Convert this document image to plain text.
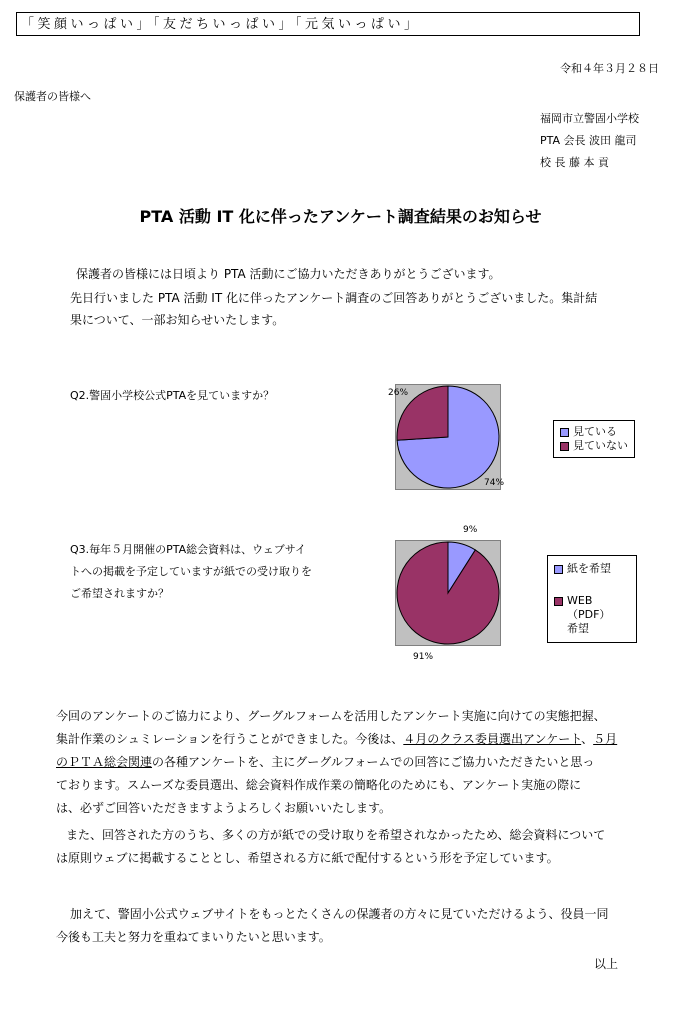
「笑顔いっぱい」「友だちいっぱい」「元気いっぱい」
令和４年３月２８日
保護者の皆様へ
福岡市立警固小学校
PTA 会長 波田 龍司
校 長 藤 本 貢
PTA 活動 IT 化に伴ったアンケート調査結果のお知らせ
保護者の皆様には日頃より PTA 活動にご協力いただきありがとうございます。
先日行いました PTA 活動 IT 化に伴ったアンケート調査のご回答ありがとうございました。集計結
果について、一部お知らせいたします。
Q2.警固小学校公式PTAを見ていますか？	26%
74%
見ている
見ていない
Q3.毎年５月開催のPTA総会資料は、ウェブサイ
トへの掲載を予定していますが紙での受け取りを
ご希望されますか？
9%
91%
紙を希望
WEB（PDF）
希望
今回のアンケートのご協力により、グーグルフォームを活用したアンケート実施に向けての実態把握、
集計作業のシュミレーションを行うことができました。今後は、４月のクラス委員選出アンケート、５月
のＰＴＡ総会関連の各種アンケートを、主にグーグルフォームでの回答にご協力いただきたいと思っ
ております。スムーズな委員選出、総会資料作成作業の簡略化のためにも、アンケート実施の際に
は、必ずご回答いただきますようよろしくお願いいたします。
また、回答された方のうち、多くの方が紙での受け取りを希望されなかったため、総会資料について
は原則ウェブに掲載することとし、希望される方に紙で配付するという形を予定しています。
加えて、警固小公式ウェブサイトをもっとたくさんの保護者の方々に見ていただけるよう、役員一同
今後も工夫と努力を重ねてまいりたいと思います。
以上
